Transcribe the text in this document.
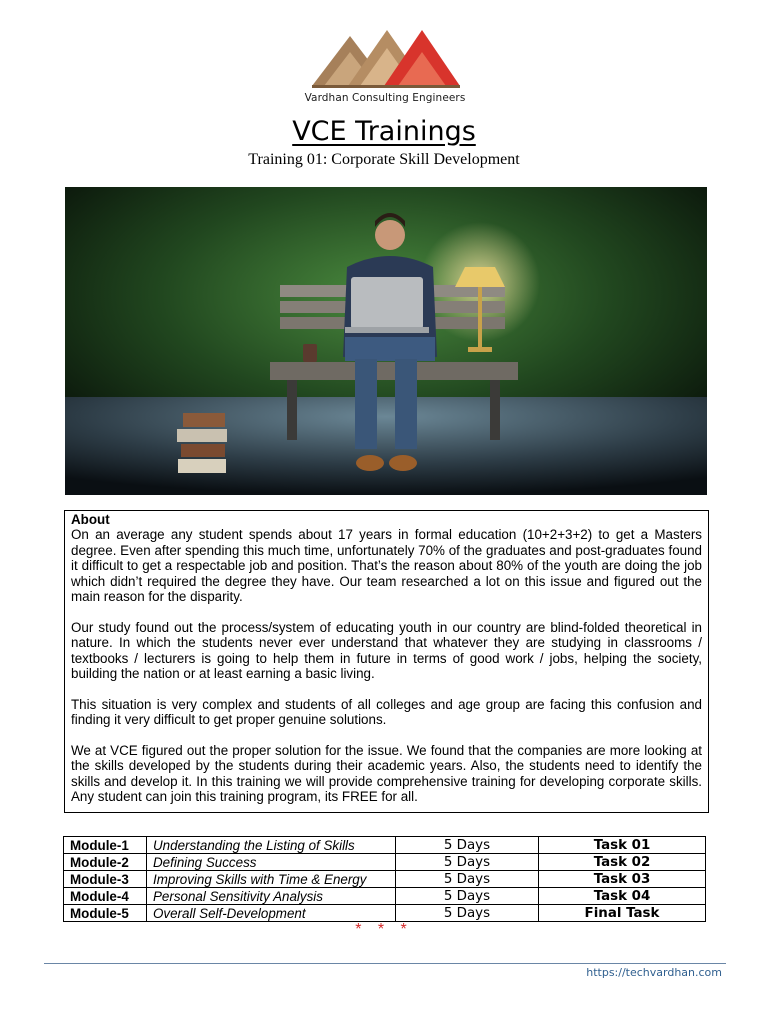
Vardhan Consulting Engineers
VCE Trainings
Training 01: Corporate Skill Development
About

On an average any student spends about 17 years in formal education (10+2+3+2) to get a Masters degree. Even after spending this much time, unfortunately 70% of the graduates and post-graduates found it difficult to get a respectable job and position. That’s the reason about 80% of the youth are doing the job which didn’t required the degree they have. Our team researched a lot on this issue and figured out the main reason for the disparity.

Our study found out the process/system of educating youth in our country are blind-folded theoretical in nature. In which the students never ever understand that whatever they are studying in classrooms / textbooks / lecturers is going to help them in future in terms of good work / jobs, helping the society, building the nation or at least earning a basic living.

This situation is very complex and students of all colleges and age group are facing this confusion and finding it very difficult to get proper genuine solutions.

We at VCE figured out the proper solution for the issue. We found that the companies are more looking at the skills developed by the students during their academic years. Also, the students need to identify the skills and develop it. In this training we will provide comprehensive training for developing corporate skills. Any student can join this training program, its FREE for all.

Module-1	Understanding the Listing of Skills	5 Days	Task 01
Module-2	Defining Success	5 Days	Task 02
Module-3	Improving Skills with Time & Energy	5 Days	Task 03
Module-4	Personal Sensitivity Analysis	5 Days	Task 04
Module-5	Overall Self-Development	5 Days	Final Task
* * *
https://techvardhan.com
